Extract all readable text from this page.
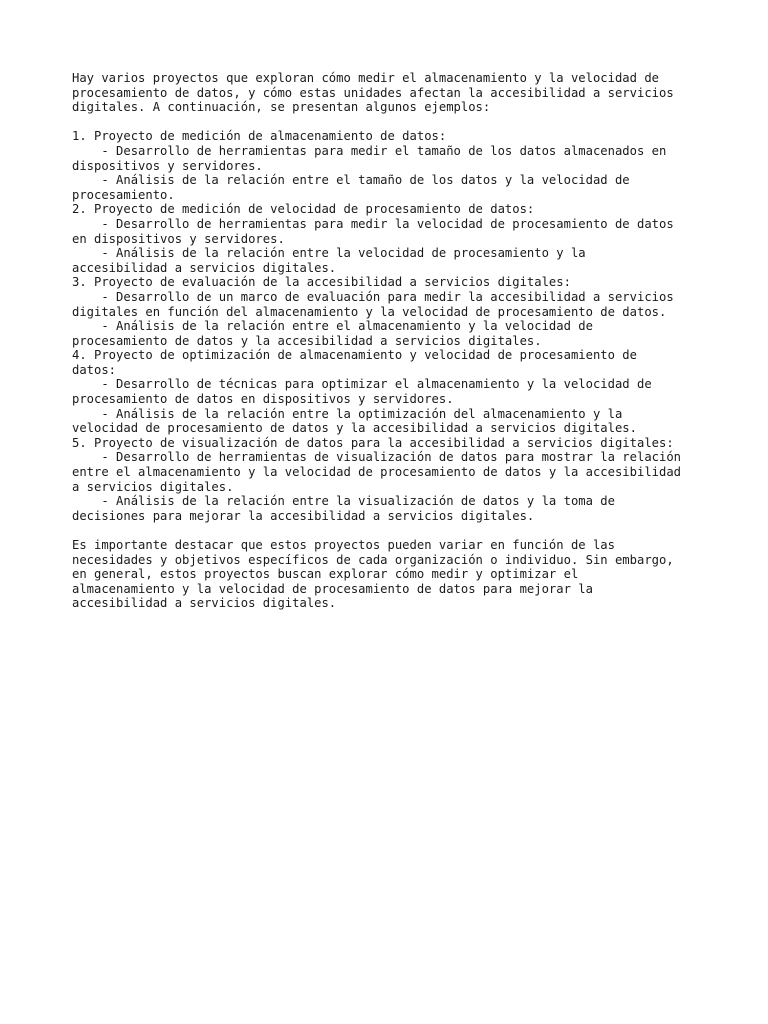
Hay varios proyectos que exploran cómo medir el almacenamiento y la velocidad de
procesamiento de datos, y cómo estas unidades afectan la accesibilidad a servicios
digitales. A continuación, se presentan algunos ejemplos:
1. Proyecto de medición de almacenamiento de datos:
- Desarrollo de herramientas para medir el tamaño de los datos almacenados en
dispositivos y servidores.
- Análisis de la relación entre el tamaño de los datos y la velocidad de
procesamiento.
2. Proyecto de medición de velocidad de procesamiento de datos:
- Desarrollo de herramientas para medir la velocidad de procesamiento de datos
en dispositivos y servidores.
- Análisis de la relación entre la velocidad de procesamiento y la
accesibilidad a servicios digitales.
3. Proyecto de evaluación de la accesibilidad a servicios digitales:
- Desarrollo de un marco de evaluación para medir la accesibilidad a servicios
digitales en función del almacenamiento y la velocidad de procesamiento de datos.
- Análisis de la relación entre el almacenamiento y la velocidad de
procesamiento de datos y la accesibilidad a servicios digitales.
4. Proyecto de optimización de almacenamiento y velocidad de procesamiento de
datos:
- Desarrollo de técnicas para optimizar el almacenamiento y la velocidad de
procesamiento de datos en dispositivos y servidores.
- Análisis de la relación entre la optimización del almacenamiento y la
velocidad de procesamiento de datos y la accesibilidad a servicios digitales.
5. Proyecto de visualización de datos para la accesibilidad a servicios digitales:
- Desarrollo de herramientas de visualización de datos para mostrar la relación
entre el almacenamiento y la velocidad de procesamiento de datos y la accesibilidad
a servicios digitales.
- Análisis de la relación entre la visualización de datos y la toma de
decisiones para mejorar la accesibilidad a servicios digitales.
Es importante destacar que estos proyectos pueden variar en función de las
necesidades y objetivos específicos de cada organización o individuo. Sin embargo,
en general, estos proyectos buscan explorar cómo medir y optimizar el
almacenamiento y la velocidad de procesamiento de datos para mejorar la
accesibilidad a servicios digitales.
